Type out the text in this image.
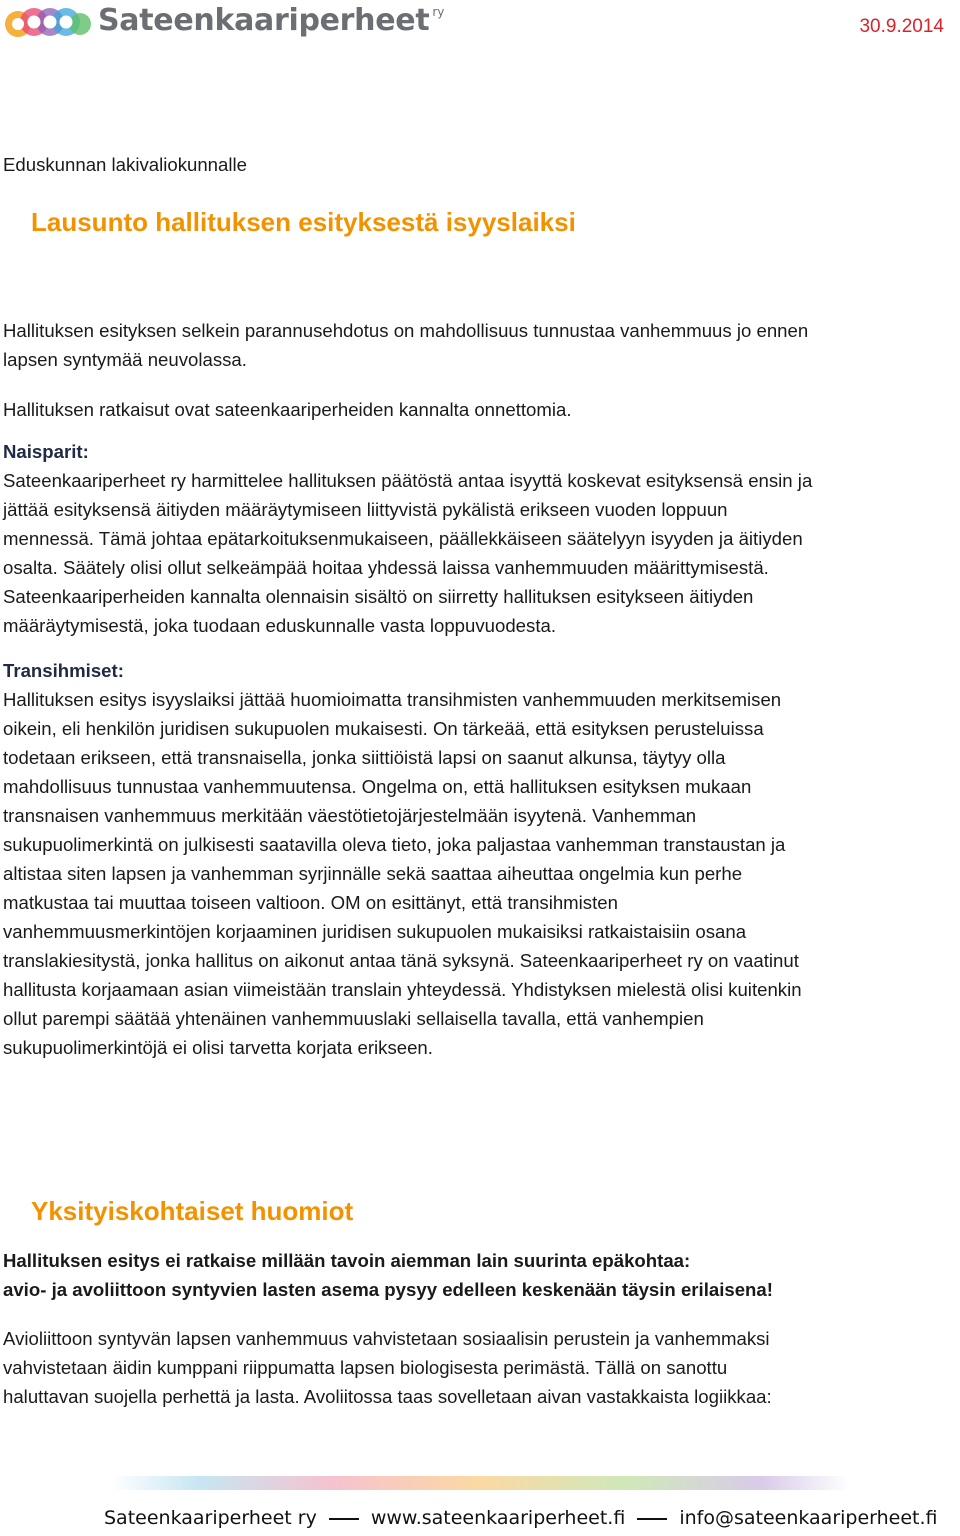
Sateenkaariperheet ry
30.9.2014

Eduskunnan lakivaliokunnalle

Lausunto hallituksen esityksestä isyyslaiksi
Hallituksen esityksen selkein parannusehdotus on mahdollisuus tunnustaa vanhemmuus jo ennen
lapsen syntymää neuvolassa.

Hallituksen ratkaisut ovat sateenkaariperheiden kannalta onnettomia.

Naisparit:
Sateenkaariperheet ry harmittelee hallituksen päätöstä antaa isyyttä koskevat esityksensä ensin ja
jättää esityksensä äitiyden määräytymiseen liittyvistä pykälistä erikseen vuoden loppuun
mennessä. Tämä johtaa epätarkoituksenmukaiseen, päällekkäiseen säätelyyn isyyden ja äitiyden
osalta. Säätely olisi ollut selkeämpää hoitaa yhdessä laissa vanhemmuuden määrittymisestä.
Sateenkaariperheiden kannalta olennaisin sisältö on siirretty hallituksen esitykseen äitiyden
määräytymisestä, joka tuodaan eduskunnalle vasta loppuvuodesta.
Transihmiset:
Hallituksen esitys isyyslaiksi jättää huomioimatta transihmisten vanhemmuuden merkitsemisen
oikein, eli henkilön juridisen sukupuolen mukaisesti. On tärkeää, että esityksen perusteluissa
todetaan erikseen, että transnaisella, jonka siittiöistä lapsi on saanut alkunsa, täytyy olla
mahdollisuus tunnustaa vanhemmuutensa. Ongelma on, että hallituksen esityksen mukaan
transnaisen vanhemmuus merkitään väestötietojärjestelmään isyytenä. Vanhemman
sukupuolimerkintä on julkisesti saatavilla oleva tieto, joka paljastaa vanhemman transtaustan ja
altistaa siten lapsen ja vanhemman syrjinnälle sekä saattaa aiheuttaa ongelmia kun perhe
matkustaa tai muuttaa toiseen valtioon. OM on esittänyt, että transihmisten
vanhemmuusmerkintöjen korjaaminen juridisen sukupuolen mukaisiksi ratkaistaisiin osana
translakiesitystä, jonka hallitus on aikonut antaa tänä syksynä. Sateenkaariperheet ry on vaatinut
hallitusta korjaamaan asian viimeistään translain yhteydessä. Yhdistyksen mielestä olisi kuitenkin
ollut parempi säätää yhtenäinen vanhemmuuslaki sellaisella tavalla, että vanhempien
sukupuolimerkintöjä ei olisi tarvetta korjata erikseen.
Yksityiskohtaiset huomiot
Hallituksen esitys ei ratkaise millään tavoin aiemman lain suurinta epäkohtaa:
avio- ja avoliittoon syntyvien lasten asema pysyy edelleen keskenään täysin erilaisena!
Avioliittoon syntyvän lapsen vanhemmuus vahvistetaan sosiaalisin perustein ja vanhemmaksi
vahvistetaan äidin kumppani riippumatta lapsen biologisesta perimästä. Tällä on sanottu
haluttavan suojella perhettä ja lasta. Avoliitossa taas sovelletaan aivan vastakkaista logiikkaa:
Sateenkaariperheet ry	www.sateenkaariperheet.fi	info@sateenkaariperheet.fi
